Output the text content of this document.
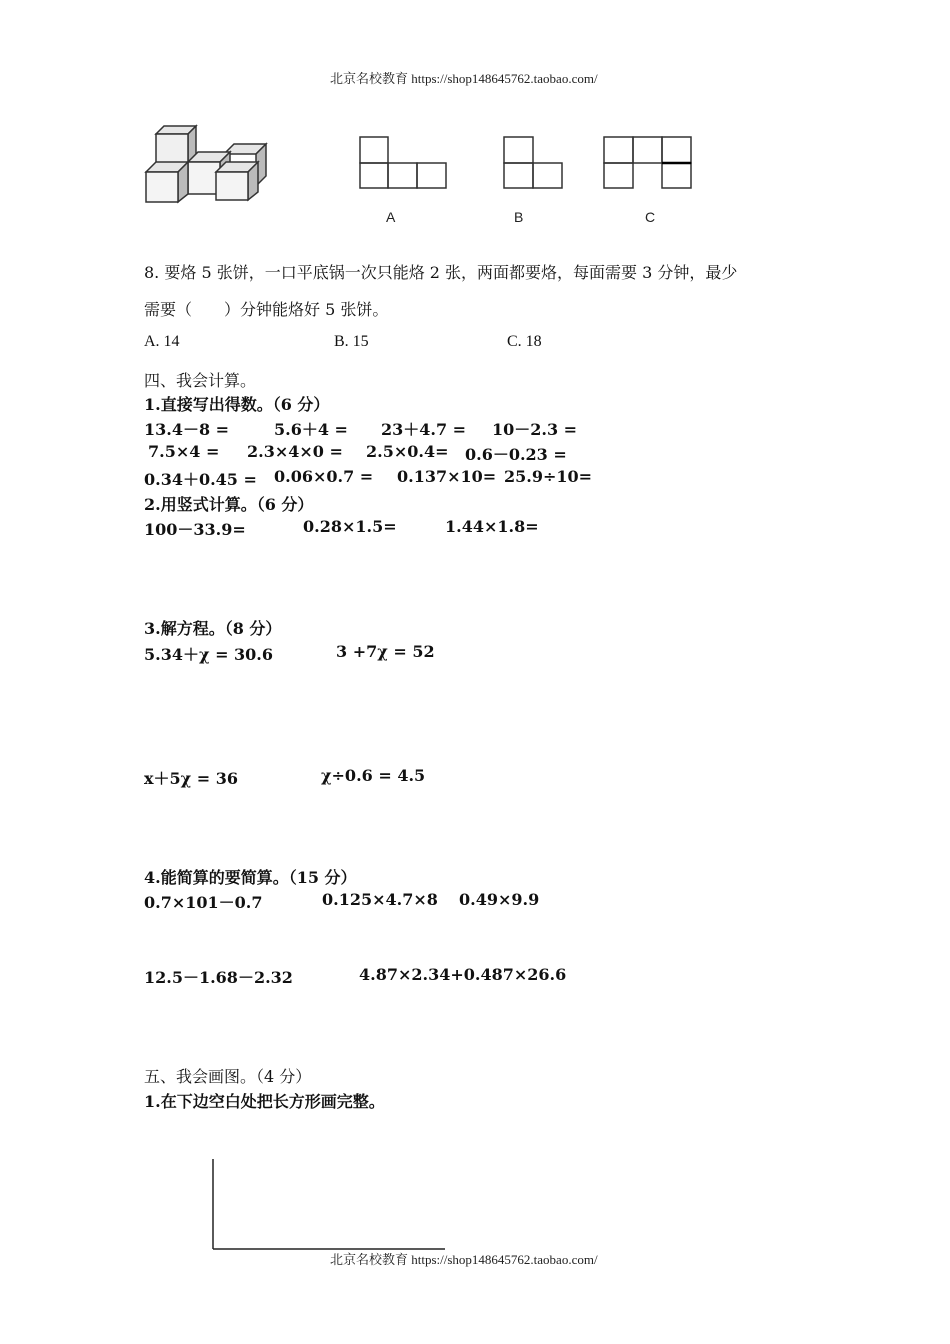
北京名校教育 https://shop148645762.taobao.com/
A	B	C
8. 要烙 5 张饼，一口平底锅一次只能烙 2 张，两面都要烙，每面需要 3 分钟，最少
需要（　　）分钟能烙好 5 张饼。
A. 14	B. 15	C. 18
四、我会计算。
1.直接写出得数。（6 分）
13.4－8 =	5.6＋4 = 23＋4.7 = 10－2.3 =
7.5×4 = 2.3×4×0 = 2.5×0.4= 0.6－0.23 =
0.34＋0.45 = 0.06×0.7 = 0.137×10= 25.9÷10=
2.用竖式计算。（6 分）
100－33.9=	0.28×1.5=	1.44×1.8=
3.解方程。（8 分）
5.34＋χ = 30.6	3 +7χ = 52
x＋5χ = 36	χ÷0.6 = 4.5
4.能简算的要简算。（15 分）
0.7×101－0.7	0.125×4.7×8 0.49×9.9
12.5－1.68－2.32	4.87×2.34+0.487×26.6
五、我会画图。（4 分）
1.在下边空白处把长方形画完整。
北京名校教育 https://shop148645762.taobao.com/
